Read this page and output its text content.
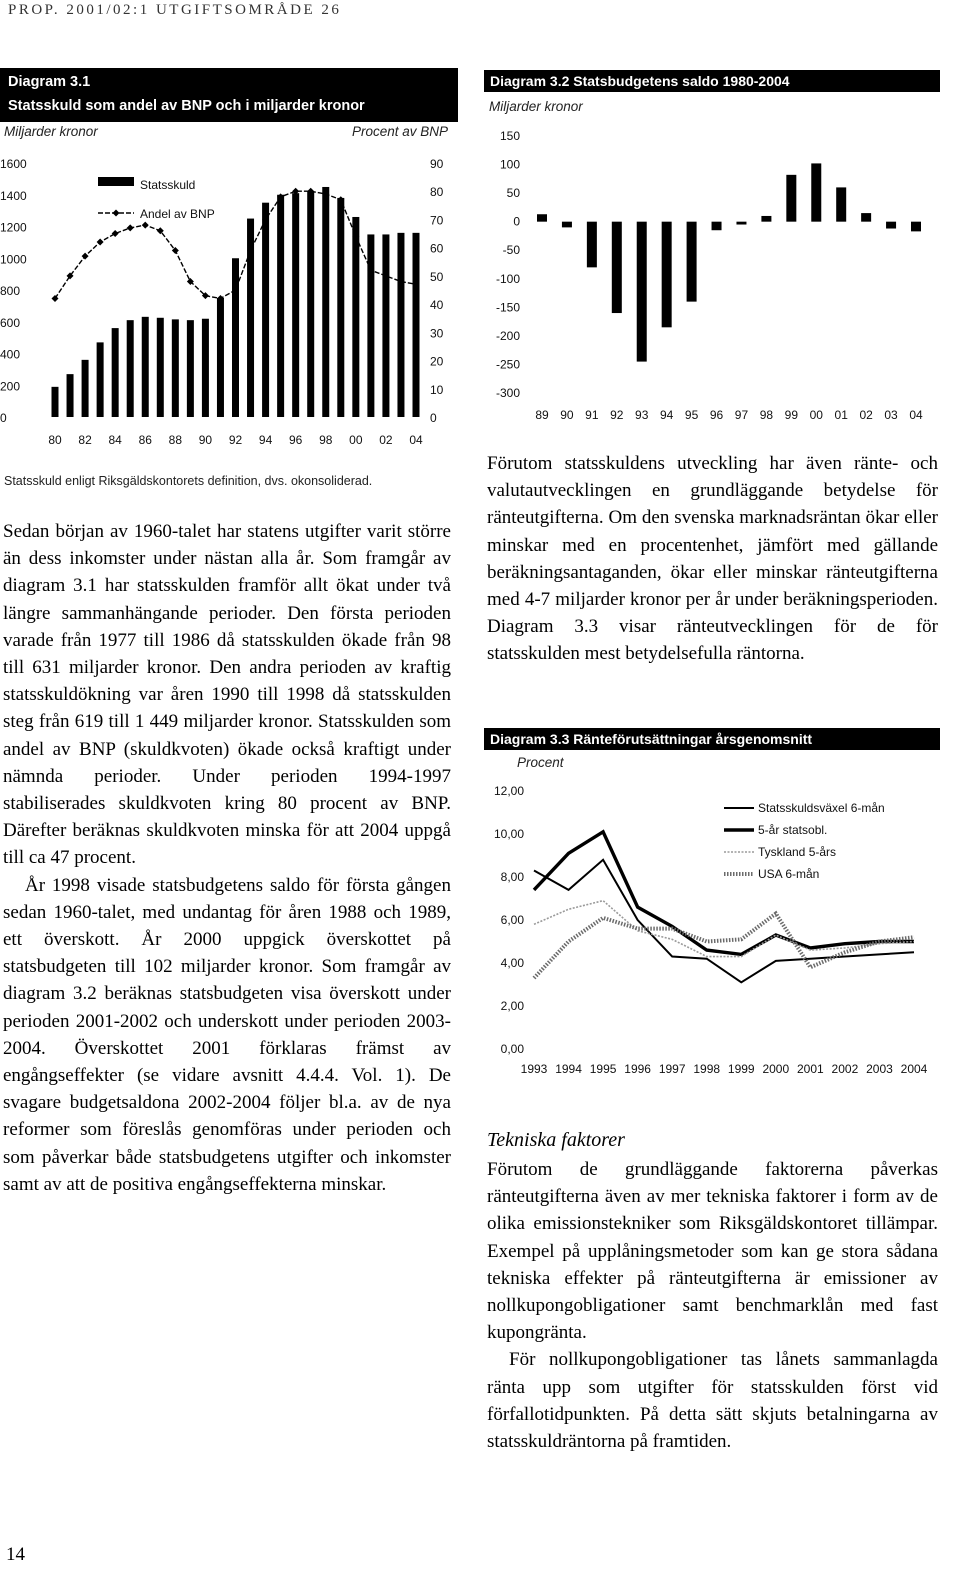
PROP. 2001/02:1 UTGIFTSOMRÅDE 26
Diagram 3.1
Statsskuld som andel av BNP och i miljarder kronor
Miljarder kronor	Procent av BNP
0
200
400
600
800
1000
1200
1400
1600
0
10
20
30
40
50
60
70
80
90
80 82 84 86 88 90 92 94 96 98 00 02 04
Statsskuld
Andel av BNP
Statsskuld enligt Riksgäldskontorets definition, dvs. okonsoliderad.
Diagram 3.2 Statsbudgetens saldo 1980-2004
Miljarder kronor
-300
-250
-200
-150
-100
-50
0
50
100
150
89 90 91 92 93 94 95 96 97 98 99 00 01 02 03 04

Förutom statsskuldens utveckling har även ränte- och valutautvecklingen en grundläggande betydelse för ränteutgifterna. Om den svenska marknadsräntan ökar eller minskar med en procentenhet, jämfört med gällande beräkningsantaganden, ökar eller minskar ränteutgifterna med 4-7 miljarder kronor per år under beräkningsperioden. Diagram 3.3 visar ränteutvecklingen för de för statsskulden mest betydelsefulla räntorna.

Diagram 3.3 Ränteförutsättningar årsgenomsnitt
Procent
0,00
2,00
4,00
6,00
8,00
10,00
12,00
1993 1994 1995 1996 1997 1998 1999 2000 2001 2002 2003 2004
Statsskuldsväxel 6-mån
5-år statsobl.
Tyskland 5-års
USA 6-mån

Sedan början av 1960-talet har statens utgifter varit större än dess inkomster under nästan alla år. Som framgår av diagram 3.1 har statsskulden framför allt ökat under två längre sammanhängande perioder. Den första perioden varade från 1977 till 1986 då statsskulden ökade från 98 till 631 miljarder kronor. Den andra perioden av kraftig statsskuldökning var åren 1990 till 1998 då statsskulden steg från 619 till 1 449 miljarder kronor. Statsskulden som andel av BNP (skuldkvoten) ökade också kraftigt under nämnda perioder. Under perioden 1994-1997 stabiliserades skuldkvoten kring 80 procent av BNP. Därefter beräknas skuldkvoten minska för att 2004 uppgå till ca 47 procent.

År 1998 visade statsbudgetens saldo för första gången sedan 1960-talet, med undantag för åren 1988 och 1989, ett överskott. År 2000 uppgick överskottet på statsbudgeten till 102 miljarder kronor. Som framgår av diagram 3.2 beräknas statsbudgeten visa överskott under perioden 2001-2002 och underskott under perioden 2003-2004. Överskottet 2001 förklaras främst av engångseffekter (se vidare avsnitt 4.4.4. Vol. 1). De svagare budgetsaldona 2002-2004 följer bl.a. av de nya reformer som föreslås genomföras under perioden och som påverkar både statsbudgetens utgifter och inkomster samt av att de positiva engångseffekterna minskar.

Tekniska faktorer

Förutom de grundläggande faktorerna påverkas ränteutgifterna även av mer tekniska faktorer i form av de olika emissionstekniker som Riksgäldskontoret tillämpar. Exempel på upplåningsmetoder som kan ge stora sådana tekniska effekter på ränteutgifterna är emissioner av nollkupongobligationer samt benchmarklån med fast kupongränta.

För nollkupongobligationer tas lånets sammanlagda ränta upp som utgifter för statsskulden först vid förfallotidpunkten. På detta sätt skjuts betalningarna av statsskuldräntorna på framtiden.

14
